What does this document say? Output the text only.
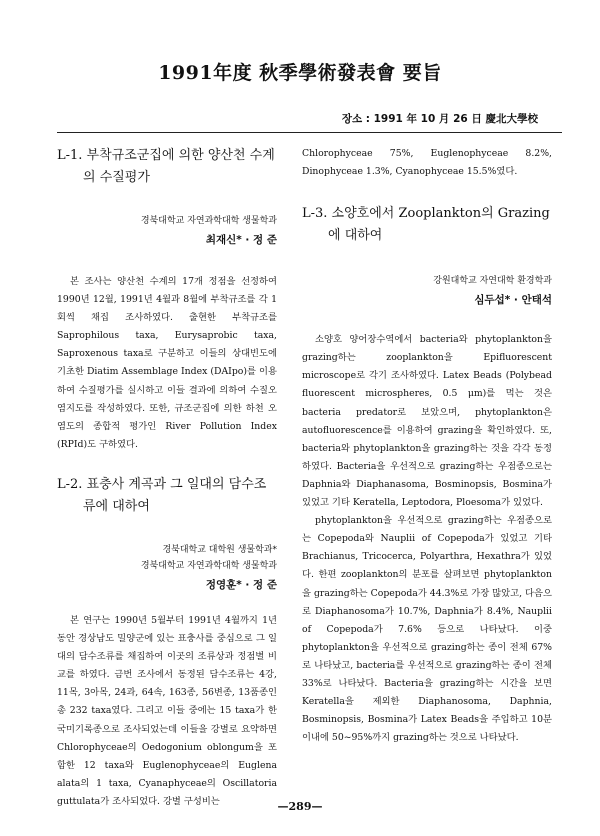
1991年度 秋季學術發表會 要旨
장소 : 1991 年 10 月 26 日 慶北大學校

L-1. 부착규조군집에 의한 양산천 수계의 수질평가

경북대학교 자연과학대학 생물학과

최재신* · 정 준

본 조사는 양산천 수계의 17개 정점을 선정하여 1990년 12월, 1991년 4월과 8월에 부착규조를 각 1회씩 채집 조사하였다. 출현한 부착규조를 Saprophilous taxa, Eurysaprobic taxa, Saproxenous taxa로 구분하고 이들의 상대빈도에 기초한 Diatim Assemblage Index (DAIpo)를 이용하여 수질평가를 실시하고 이들 결과에 의하여 수질오염지도를 작성하였다. 또한, 규조군집에 의한 하천 오염도의 종합적 평가인 River Pollution Index (RPId)도 구하였다.

L-2. 표충사 계곡과 그 일대의 담수조류에 대하여

경북대학교 대학원 생물학과*

경북대학교 자연과학대학 생물학과

정영훈* · 정 준

본 연구는 1990년 5월부터 1991년 4월까지 1년동안 경상남도 밀양군에 있는 표충사를 중심으로 그 일대의 담수조류를 채집하여 이곳의 조류상과 정점별 비교를 하였다. 금번 조사에서 동정된 담수조류는 4강, 11목, 3아목, 24과, 64속, 163종, 56변종, 13품종인 총 232 taxa였다. 그리고 이들 중에는 15 taxa가 한국미기록종으로 조사되었는데 이들을 강별로 요약하면 Chlorophyceae의 Oedogonium oblongum을 포함한 12 taxa와 Euglenophyceae의 Euglena alata의 1 taxa, Cyanaphyceae의 Oscillatoria guttulata가 조사되었다. 강별 구성비는

Chlorophyceae 75%, Euglenophyceae 8.2%, Dinophyceae 1.3%, Cyanophyceae 15.5%였다.

L-3. 소양호에서 Zooplankton의 Grazing에 대하여

강원대학교 자연대학 환경학과

심두섭* · 안태석

소양호 양어장수역에서 bacteria와 phytoplankton을 grazing하는 zooplankton을 Epifluorescent microscope로 각기 조사하였다. Latex Beads (Polybead fluorescent microspheres, 0.5 μm)를 먹는 것은 bacteria predator로 보았으며, phytoplankton은 autofluorescence를 이용하여 grazing을 확인하였다. 또, bacteria와 phytoplankton을 grazing하는 것을 각각 동정하였다. Bacteria을 우선적으로 grazing하는 우점종으로는 Daphnia와 Diaphanasoma, Bosminopsis, Bosmina가 있었고 기타 Keratella, Leptodora, Ploesoma가 있었다.

phytoplankton을 우선적으로 grazing하는 우점종으로는 Copepoda와 Nauplii of Copepoda가 있었고 기타 Brachianus, Tricocerca, Polyarthra, Hexathra가 있었다. 한편 zooplankton의 분포를 살펴보면 phytoplankton을 grazing하는 Copepoda가 44.3%로 가장 많았고, 다음으로 Diaphanosoma가 10.7%, Daphnia가 8.4%, Nauplii of Copepoda가 7.6% 등으로 나타났다. 이중 phytoplankton을 우선적으로 grazing하는 종이 전체 67%로 나타났고, bacteria를 우선적으로 grazing하는 종이 전체 33%로 나타났다. Bacteria을 grazing하는 시간을 보면 Keratella을 제외한 Diaphanosoma, Daphnia, Bosminopsis, Bosmina가 Latex Beads을 주입하고 10분 이내에 50~95%까지 grazing하는 것으로 나타났다.

—289—
